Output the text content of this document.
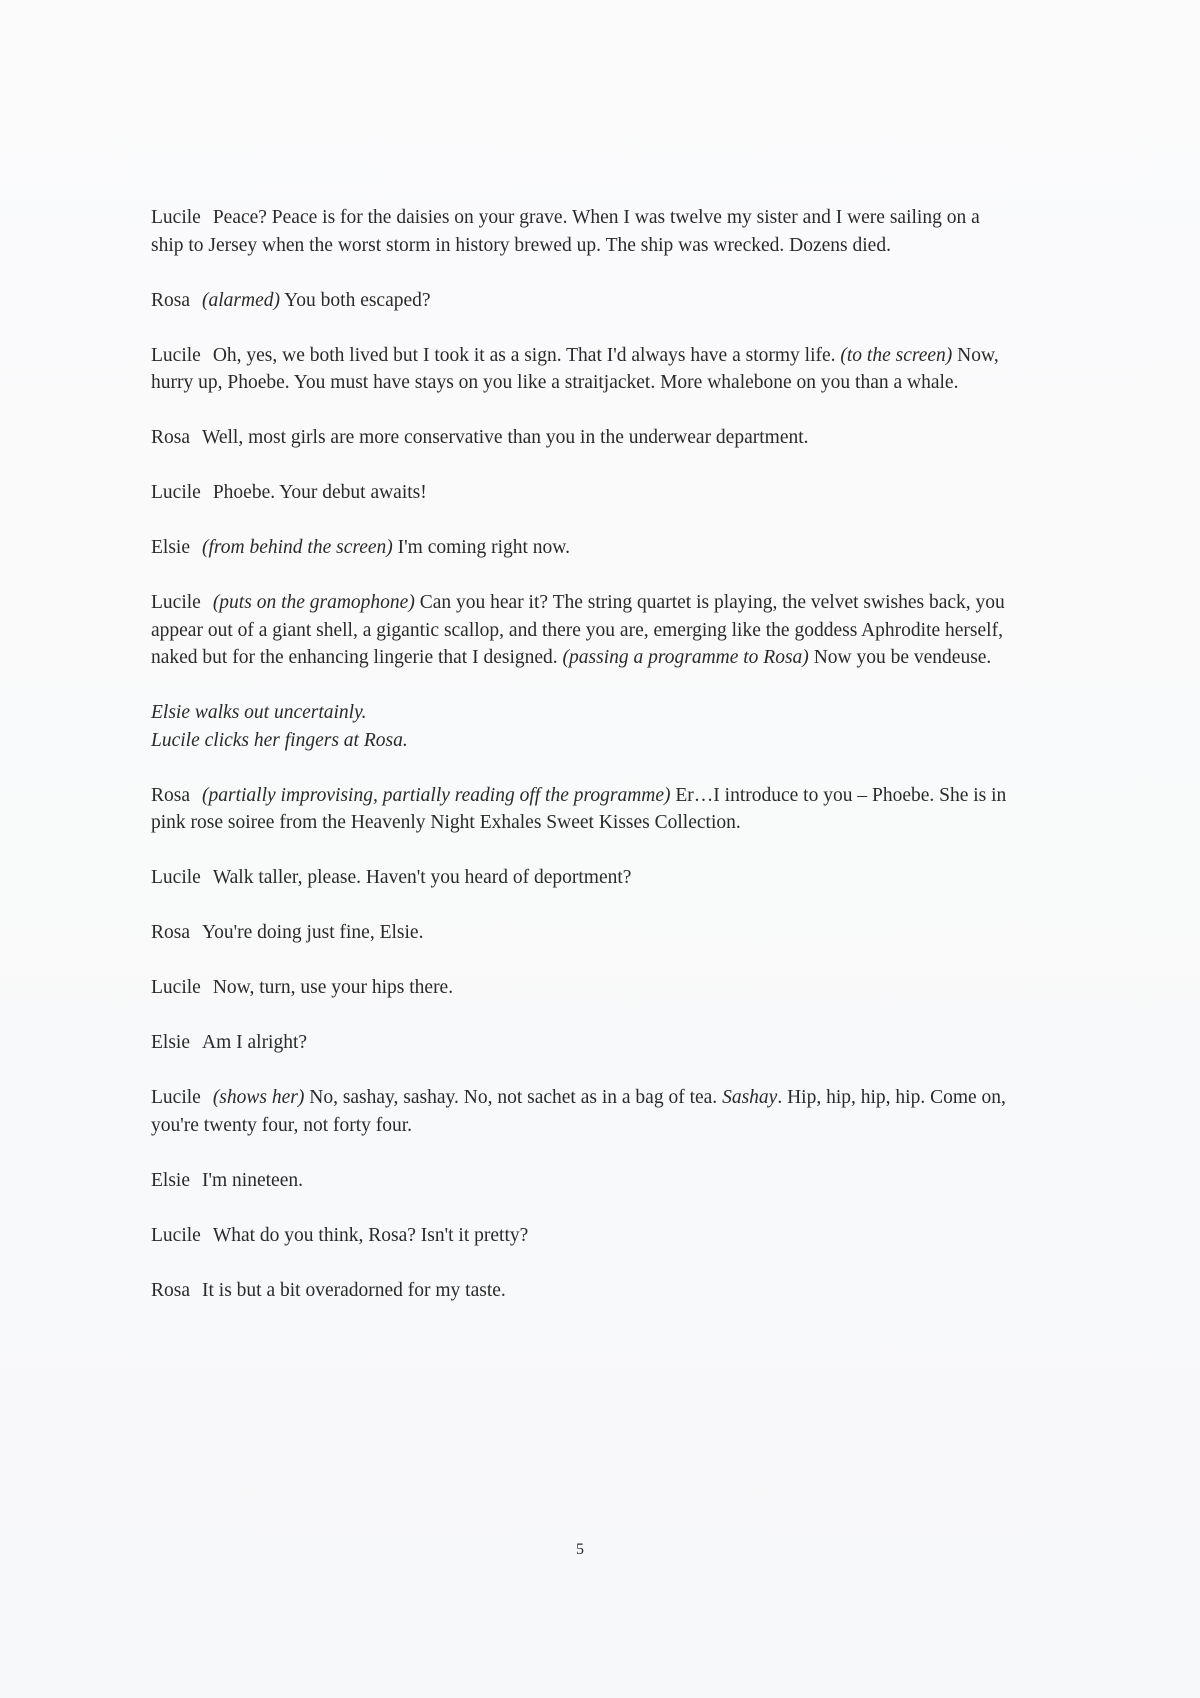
Lucile Peace? Peace is for the daisies on your grave. When I was twelve my sister and I were sailing on a ship to Jersey when the worst storm in history brewed up. The ship was wrecked. Dozens died.

Rosa (alarmed) You both escaped?

Lucile Oh, yes, we both lived but I took it as a sign. That I'd always have a stormy life. (to the screen) Now, hurry up, Phoebe. You must have stays on you like a straitjacket. More whalebone on you than a whale.

Rosa Well, most girls are more conservative than you in the underwear department.

Lucile Phoebe. Your debut awaits!

Elsie (from behind the screen) I'm coming right now.

Lucile (puts on the gramophone) Can you hear it? The string quartet is playing, the velvet swishes back, you appear out of a giant shell, a gigantic scallop, and there you are, emerging like the goddess Aphrodite herself, naked but for the enhancing lingerie that I designed. (passing a programme to Rosa) Now you be vendeuse.

Elsie walks out uncertainly.
Lucile clicks her fingers at Rosa.

Rosa (partially improvising, partially reading off the programme) Er…I introduce to you – Phoebe. She is in pink rose soiree from the Heavenly Night Exhales Sweet Kisses Collection.

Lucile Walk taller, please. Haven't you heard of deportment?

Rosa You're doing just fine, Elsie.

Lucile Now, turn, use your hips there.

Elsie Am I alright?

Lucile (shows her) No, sashay, sashay. No, not sachet as in a bag of tea. Sashay. Hip, hip, hip, hip. Come on, you're twenty four, not forty four.

Elsie I'm nineteen.

Lucile What do you think, Rosa? Isn't it pretty?

Rosa It is but a bit overadorned for my taste.

5
